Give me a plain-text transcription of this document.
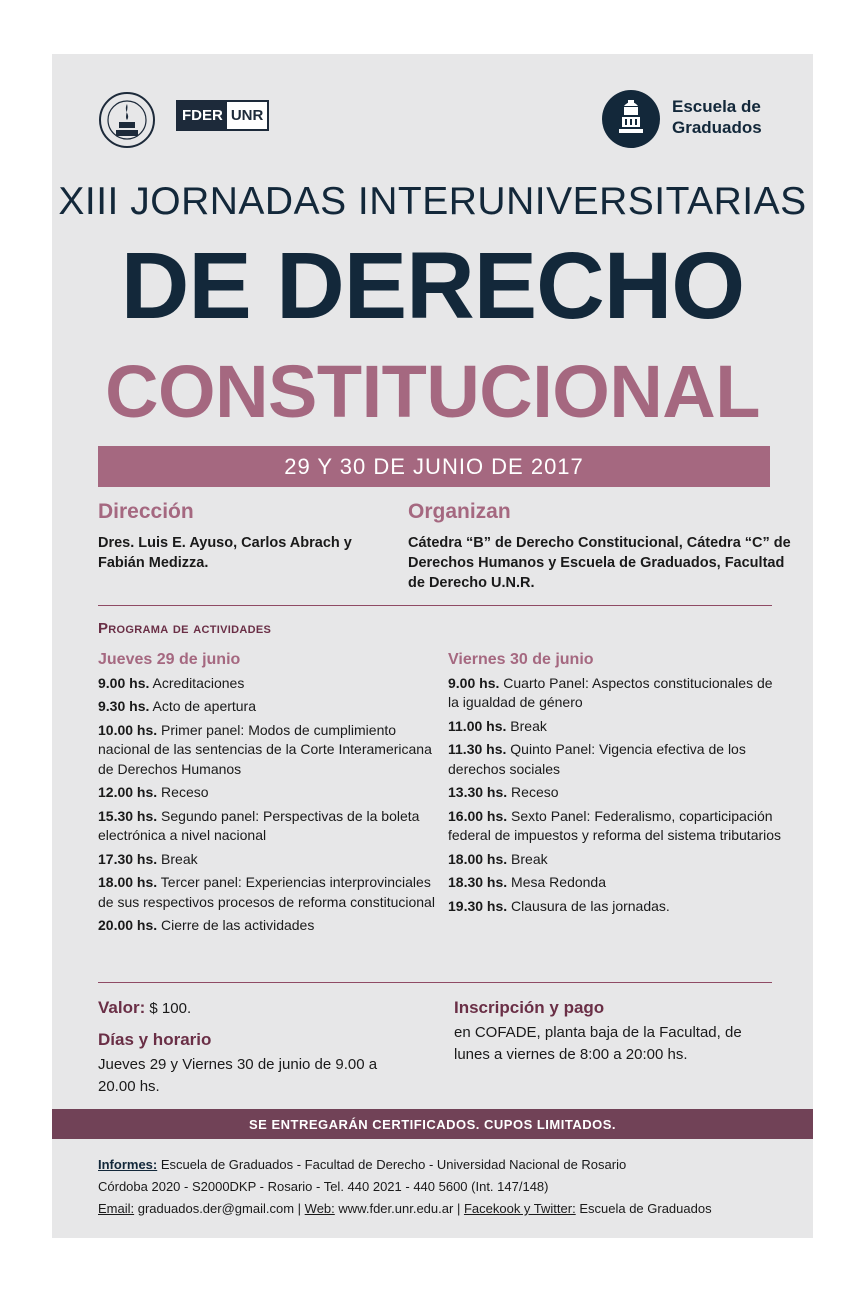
FDER UNR	Escuela de Graduados
XIII JORNADAS INTERUNIVERSITARIAS
DE DERECHO
CONSTITUCIONAL
29 Y 30 DE JUNIO DE 2017
Dirección
Dres. Luis E. Ayuso, Carlos Abrach y Fabián Medizza.
Organizan
Cátedra “B” de Derecho Constitucional, Cátedra “C” de Derechos Humanos y Escuela de Graduados, Facultad de Derecho U.N.R.
Programa de actividades
Jueves 29 de junio
9.00 hs. Acreditaciones
9.30 hs. Acto de apertura
10.00 hs. Primer panel: Modos de cumplimiento nacional de las sentencias de la Corte Interamericana de Derechos Humanos
12.00 hs. Receso
15.30 hs. Segundo panel: Perspectivas de la boleta electrónica a nivel nacional
17.30 hs. Break
18.00 hs. Tercer panel: Experiencias interprovinciales de sus respectivos procesos de reforma constitucional
20.00 hs. Cierre de las actividades
Viernes 30 de junio
9.00 hs. Cuarto Panel: Aspectos constitucionales de la igualdad de género
11.00 hs. Break
11.30 hs. Quinto Panel: Vigencia efectiva de los derechos sociales
13.30 hs. Receso
16.00 hs. Sexto Panel: Federalismo, coparticipación federal de impuestos y reforma del sistema tributarios
18.00 hs. Break
18.30 hs. Mesa Redonda
19.30 hs. Clausura de las jornadas.
Valor: $ 100.
Días y horario
Jueves 29 y Viernes 30 de junio de 9.00 a 20.00 hs.
Inscripción y pago
en COFADE, planta baja de la Facultad, de lunes a viernes de 8:00 a 20:00 hs.
SE ENTREGARÁN CERTIFICADOS. CUPOS LIMITADOS.
Informes: Escuela de Graduados - Facultad de Derecho - Universidad Nacional de Rosario
Córdoba 2020 - S2000DKP - Rosario - Tel. 440 2021 - 440 5600 (Int. 147/148)
Email: graduados.der@gmail.com | Web: www.fder.unr.edu.ar | Facekook y Twitter: Escuela de Graduados
